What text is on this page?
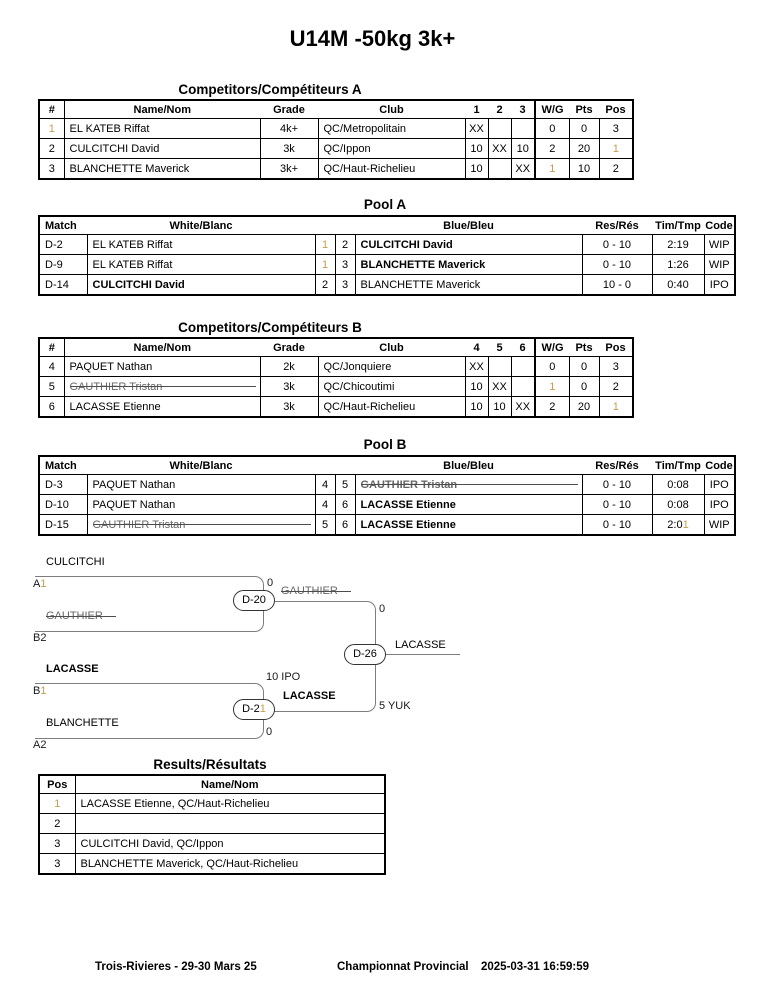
U14M -50kg 3k+
Competitors/Compétiteurs A
#	Name/Nom	Grade	Club	1	2	3	W/G	Pts	Pos
1	EL KATEB Riffat	4k+	QC/Metropolitain	XX			0	0	3
2	CULCITCHI David	3k	QC/Ippon	10	XX	10	2	20	1
3	BLANCHETTE Maverick	3k+	QC/Haut-Richelieu	10		XX	1	10	2
Pool A
Match	White/Blanc			Blue/Bleu	Res/Rés	Tim/Tmp	Code
D-2	EL KATEB Riffat	1	2	CULCITCHI David	0 - 10	2:19	WIP
D-9	EL KATEB Riffat	1	3	BLANCHETTE Maverick	0 - 10	1:26	WIP
D-14	CULCITCHI David	2	3	BLANCHETTE Maverick	10 - 0	0:40	IPO
Competitors/Compétiteurs B
#	Name/Nom	Grade	Club	4	5	6	W/G	Pts	Pos
4	PAQUET Nathan	2k	QC/Jonquiere	XX			0	0	3
5	GAUTHIER Tristan	3k	QC/Chicoutimi	10	XX		1	0	2
6	LACASSE Etienne	3k	QC/Haut-Richelieu	10	10	XX	2	20	1
Pool B
Match	White/Blanc			Blue/Bleu	Res/Rés	Tim/Tmp	Code
D-3	PAQUET Nathan	4	5	GAUTHIER Tristan	0 - 10	0:08	IPO
D-10	PAQUET Nathan	4	6	LACASSE Etienne	0 - 10	0:08	IPO
D-15	GAUTHIER Tristan	5	6	LACASSE Etienne	0 - 10	2:01	WIP
CULCITCHI
A1	0
GAUTHIER
B2
D-20
GAUTHIER
0
LACASSE
B1
10 IPO
BLANCHETTE
A2
0
D-21
LACASSE
5 YUK
D-26
LACASSE
Results/Résultats
Pos	Name/Nom
1	LACASSE Etienne, QC/Haut-Richelieu
2	
3	CULCITCHI David, QC/Ippon
3	BLANCHETTE Maverick, QC/Haut-Richelieu
Trois-Rivieres - 29-30 Mars 25	Championnat Provincial 2025-03-31 16:59:59
